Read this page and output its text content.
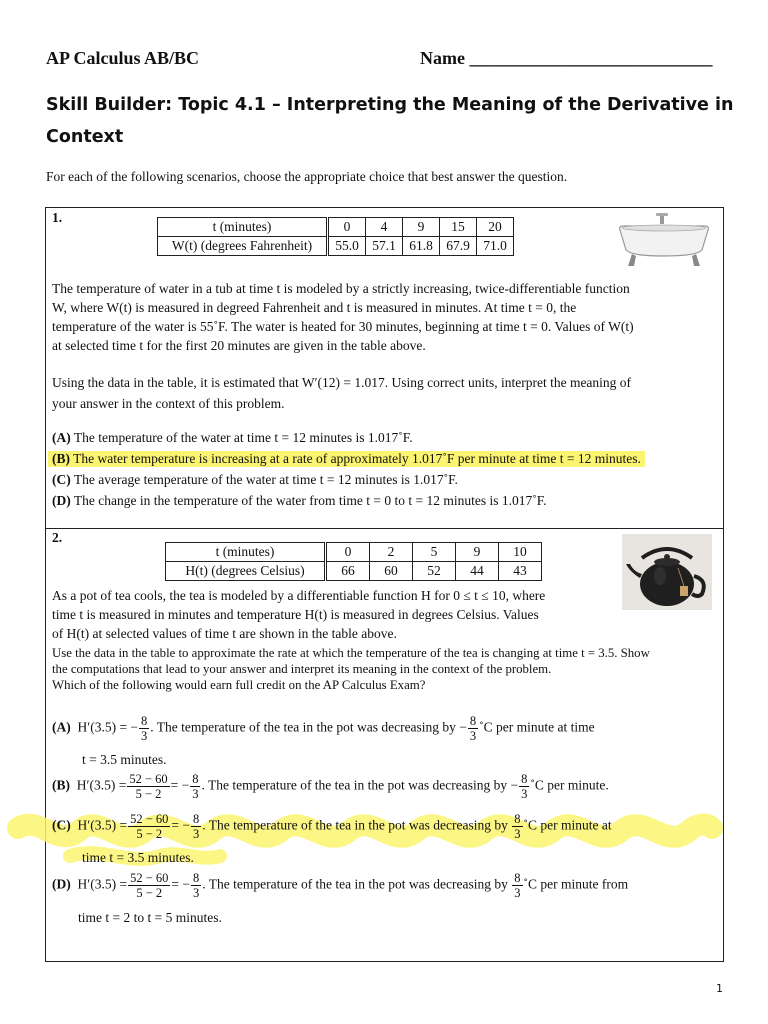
AP Calculus AB/BC	Name ___________________________
Skill Builder: Topic 4.1 – Interpreting the Meaning of the Derivative in
Context
For each of the following scenarios, choose the appropriate choice that best answer the question.
1.
t (minutes)	0	4	9	15	20
W(t) (degrees Fahrenheit)	55.0	57.1	61.8	67.9	71.0
The temperature of water in a tub at time t is modeled by a strictly increasing, twice-differentiable function
W, where W(t) is measured in degreed Fahrenheit and t is measured in minutes. At time t = 0, the
temperature of the water is 55˚F. The water is heated for 30 minutes, beginning at time t = 0. Values of W(t)
at selected time t for the first 20 minutes are given in the table above.
Using the data in the table, it is estimated that W′(12) = 1.017. Using correct units, interpret the meaning of
your answer in the context of this problem.
(A) The temperature of the water at time t = 12 minutes is 1.017˚F.
(B) The water temperature is increasing at a rate of approximately 1.017˚F per minute at time t = 12 minutes.
(C) The average temperature of the water at time t = 12 minutes is 1.017˚F.
(D) The change in the temperature of the water from time t = 0 to t = 12 minutes is 1.017˚F.
2.
t (minutes)	0	2	5	9	10
H(t) (degrees Celsius)	66	60	52	44	43
As a pot of tea cools, the tea is modeled by a differentiable function H for 0 ≤ t ≤ 10, where
time t is measured in minutes and temperature H(t) is measured in degrees Celsius. Values
of H(t) at selected values of time t are shown in the table above.
Use the data in the table to approximate the rate at which the temperature of the tea is changing at time t = 3.5. Show
the computations that lead to your answer and interpret its meaning in the context of the problem.
Which of the following would earn full credit on the AP Calculus Exam?
(A) H′(3.5) = − $\frac{8}{3}$ . The temperature of the tea in the pot was decreasing by − $\frac{8}{3}$ ˚C per minute at time
t = 3.5 minutes.
(B) $H'(3.5) = \frac{52 - 60}{5 - 2}$ = − $\frac{8}{3}$ . The temperature of the tea in the pot was decreasing by − $\frac{8}{3}$ ˚C per minute.
(C) $H'(3.5) = \frac{52 - 60}{5 - 2}$ = − $\frac{8}{3}$ . The temperature of the tea in the pot was decreasing by $\frac{8}{3}$ ˚C per minute at
time t = 3.5 minutes.
(D) $H'(3.5) = \frac{52 - 60}{5 - 2}$ = − $\frac{8}{3}$ . The temperature of the tea in the pot was decreasing by $\frac{8}{3}$ ˚C per minute from
time t = 2 to t = 5 minutes.
1
